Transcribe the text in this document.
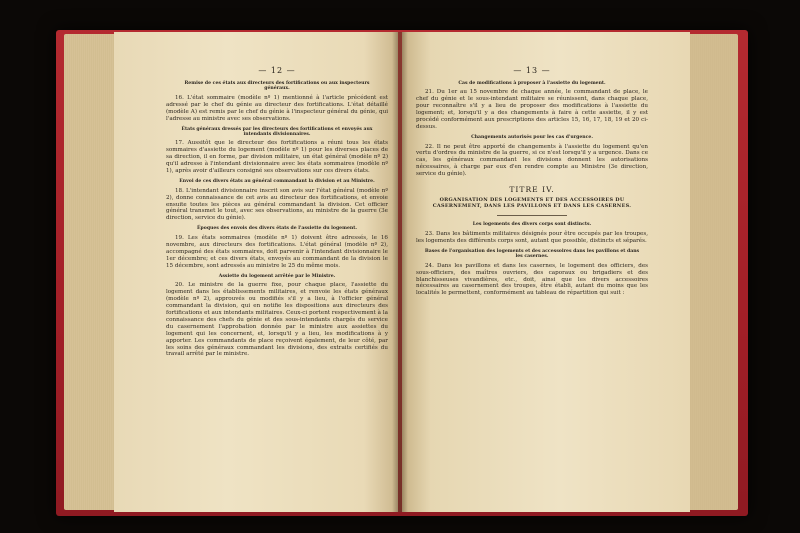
— 12 —
Remise de ces états aux directeurs des fortifications ou aux inspecteurs généraux.
16. L'état sommaire (modèle nº 1) mentionné à l'article précédent est adressé par le chef du génie au directeur des fortifications. L'état détaillé (modèle A) est remis par le chef du génie à l'inspecteur général du génie, qui l'adresse au ministre avec ses observations.
États généraux dressés par les directeurs des fortifications et envoyés aux intendants divisionnaires.
17. Aussitôt que le directeur des fortifications a réuni tous les états sommaires d'assiette du logement (modèle nº 1) pour les diverses places de sa direction, il en forme, par division militaire, un état général (modèle nº 2) qu'il adresse à l'intendant divisionnaire avec les états sommaires (modèle nº 1), après avoir d'ailleurs consigné ses observations sur ces divers états.
Envoi de ces divers états au général commandant la division et au Ministre.
18. L'intendant divisionnaire inscrit son avis sur l'état général (modèle nº 2), donne connaissance de cet avis au directeur des fortifications, et envoie ensuite toutes les pièces au général commandant la division. Cet officier général transmet le tout, avec ses observations, au ministre de la guerre (3e direction, service du génie).
Époques des envois des divers états de l'assiette du logement.
19. Les états sommaires (modèle nº 1) doivent être adressés, le 16 novembre, aux directeurs des fortifications. L'état général (modèle nº 2), accompagné des états sommaires, doit parvenir à l'intendant divisionnaire le 1er décembre; et ces divers états, envoyés au commandant de la division le 15 décembre, sont adressés au ministre le 25 du même mois.
Assiette du logement arrêtée par le Ministre.
20. Le ministre de la guerre fixe, pour chaque place, l'assiette du logement dans les établissements militaires, et renvoie les états généraux (modèle nº 2), approuvés ou modifiés s'il y a lieu, à l'officier général commandant la division, qui en notifie les dispositions aux directeurs des fortifications et aux intendants militaires. Ceux-ci portent respectivement à la connaissance des chefs du génie et des sous-intendants chargés du service du casernement l'approbation donnée par le ministre aux assiettes du logement qui les concernent, et, lorsqu'il y a lieu, les modifications à y apporter. Les commandants de place reçoivent également, de leur côté, par les soins des généraux commandant les divisions, des extraits certifiés du travail arrêté par le ministre.
— 13 —
Cas de modifications à proposer à l'assiette du logement.
21. Du 1er au 15 novembre de chaque année, le commandant de place, le chef du génie et le sous-intendant militaire se réunissent, dans chaque place, pour reconnaître s'il y a lieu de proposer des modifications à l'assiette du logement; et, lorsqu'il y a des changements à faire à cette assiette, il y est procédé conformément aux prescriptions des articles 15, 16, 17, 18, 19 et 20 ci-dessus.
Changements autorisés pour les cas d'urgence.
22. Il ne peut être apporté de changements à l'assiette du logement qu'en vertu d'ordres du ministre de la guerre, si ce n'est lorsqu'il y a urgence. Dans ce cas, les généraux commandant les divisions donnent les autorisations nécessaires, à charge par eux d'en rendre compte au Ministre (3e direction, service du génie).
TITRE IV.
ORGANISATION DES LOGEMENTS ET DES ACCESSOIRES DU CASERNEMENT, DANS LES PAVILLONS ET DANS LES CASERNES.
Les logements des divers corps sont distincts.
23. Dans les bâtiments militaires désignés pour être occupés par les troupes, les logements des différents corps sont, autant que possible, distincts et séparés.
Bases de l'organisation des logements et des accessoires dans les pavillons et dans les casernes.
24. Dans les pavillons et dans les casernes, le logement des officiers, des sous-officiers, des maîtres ouvriers, des caporaux ou brigadiers et des blanchisseuses vivandières, etc., doit, ainsi que les divers accessoires nécessaires au casernement des troupes, être établi, autant du moins que les localités le permettent, conformément au tableau de répartition qui suit :
